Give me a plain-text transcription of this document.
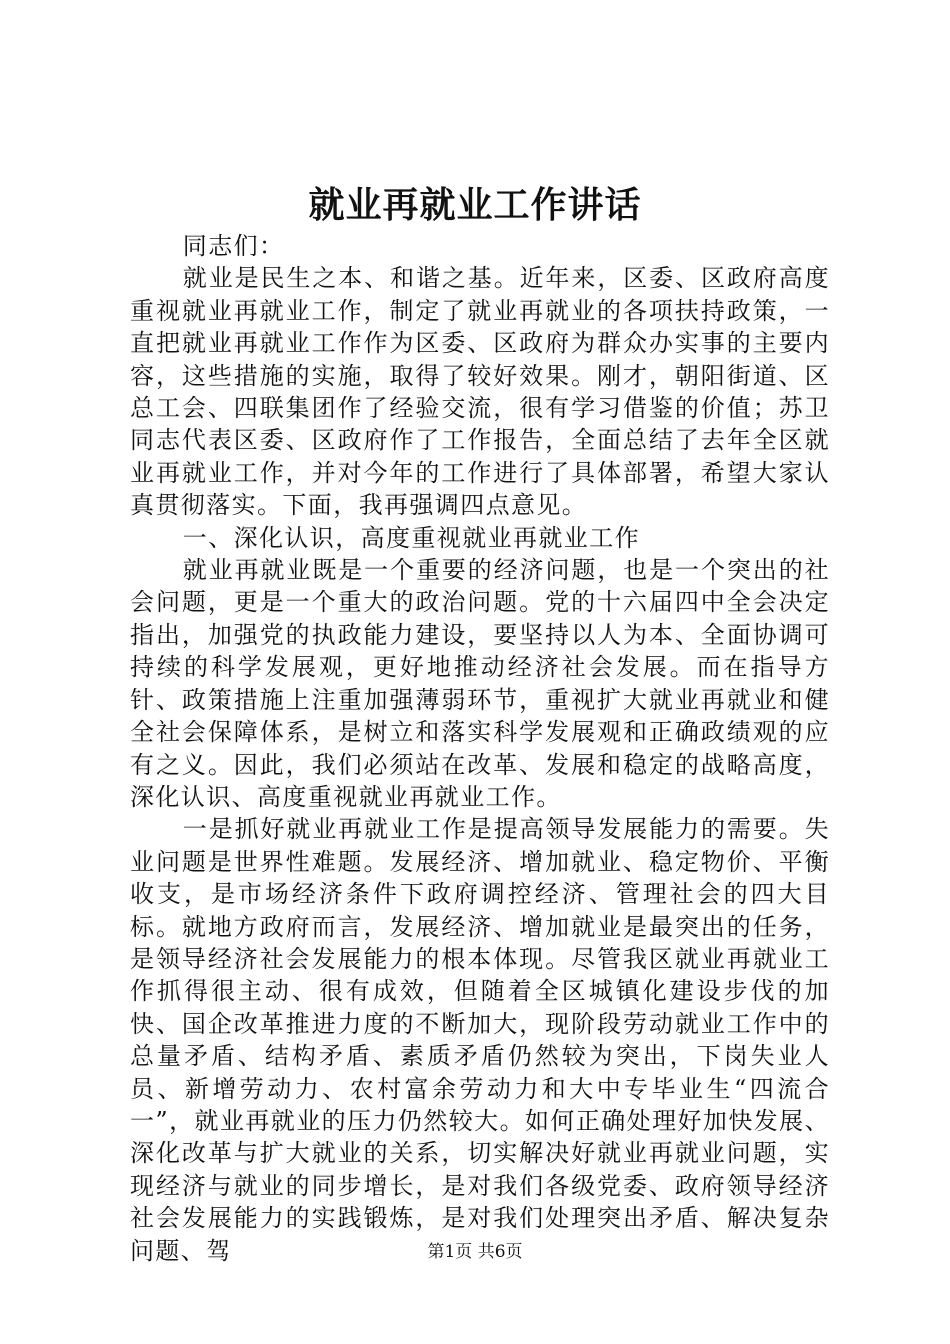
就业再就业工作讲话

同志们：

就业是民生之本、和谐之基。近年来，区委、区政府高度重视就业再就业工作，制定了就业再就业的各项扶持政策，一直把就业再就业工作作为区委、区政府为群众办实事的主要内容，这些措施的实施，取得了较好效果。刚才，朝阳街道、区总工会、四联集团作了经验交流，很有学习借鉴的价值；苏卫同志代表区委、区政府作了工作报告，全面总结了去年全区就业再就业工作，并对今年的工作进行了具体部署，希望大家认真贯彻落实。下面，我再强调四点意见。

一、深化认识，高度重视就业再就业工作

就业再就业既是一个重要的经济问题，也是一个突出的社会问题，更是一个重大的政治问题。党的十六届四中全会决定指出，加强党的执政能力建设，要坚持以人为本、全面协调可持续的科学发展观，更好地推动经济社会发展。而在指导方针、政策措施上注重加强薄弱环节，重视扩大就业再就业和健全社会保障体系，是树立和落实科学发展观和正确政绩观的应有之义。因此，我们必须站在改革、发展和稳定的战略高度，深化认识、高度重视就业再就业工作。

一是抓好就业再就业工作是提高领导发展能力的需要。失业问题是世界性难题。发展经济、增加就业、稳定物价、平衡收支，是市场经济条件下政府调控经济、管理社会的四大目标。就地方政府而言，发展经济、增加就业是最突出的任务，是领导经济社会发展能力的根本体现。尽管我区就业再就业工作抓得很主动、很有成效，但随着全区城镇化建设步伐的加快、国企改革推进力度的不断加大，现阶段劳动就业工作中的总量矛盾、结构矛盾、素质矛盾仍然较为突出，下岗失业人员、新增劳动力、农村富余劳动力和大中专毕业生“四流合一”，就业再就业的压力仍然较大。如何正确处理好加快发展、深化改革与扩大就业的关系，切实解决好就业再就业问题，实现经济与就业的同步增长，是对我们各级党委、政府领导经济社会发展能力的实践锻炼，是对我们处理突出矛盾、解决复杂问题、驾	第1页 共6页
